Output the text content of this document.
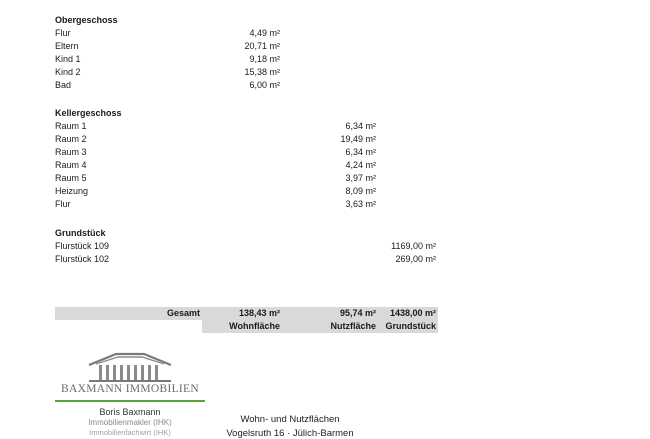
Obergeschoss
Flur	4,49 m²
Eltern	20,71 m²
Kind 1	9,18 m²
Kind 2	15,38 m²
Bad	6,00 m²
Kellergeschoss
Raum 1	6,34 m²
Raum 2	19,49 m²
Raum 3	6,34 m²
Raum 4	4,24 m²
Raum 5	3,97 m²
Heizung	8,09 m²
Flur	3,63 m²
Grundstück
Flurstück 109	1169,00 m²
Flurstück 102	269,00 m²
Gesamt	138,43 m²	95,74 m²	1438,00 m²
Wohnfläche	Nutzfläche	Grundstück
BAXMANN IMMOBILIEN
Boris Baxmann
Immobilienmakler (IHK)
Immobilienfachwirt (IHK)
Wohn- und Nutzflächen
Vogelsruth 16 · Jülich-Barmen
